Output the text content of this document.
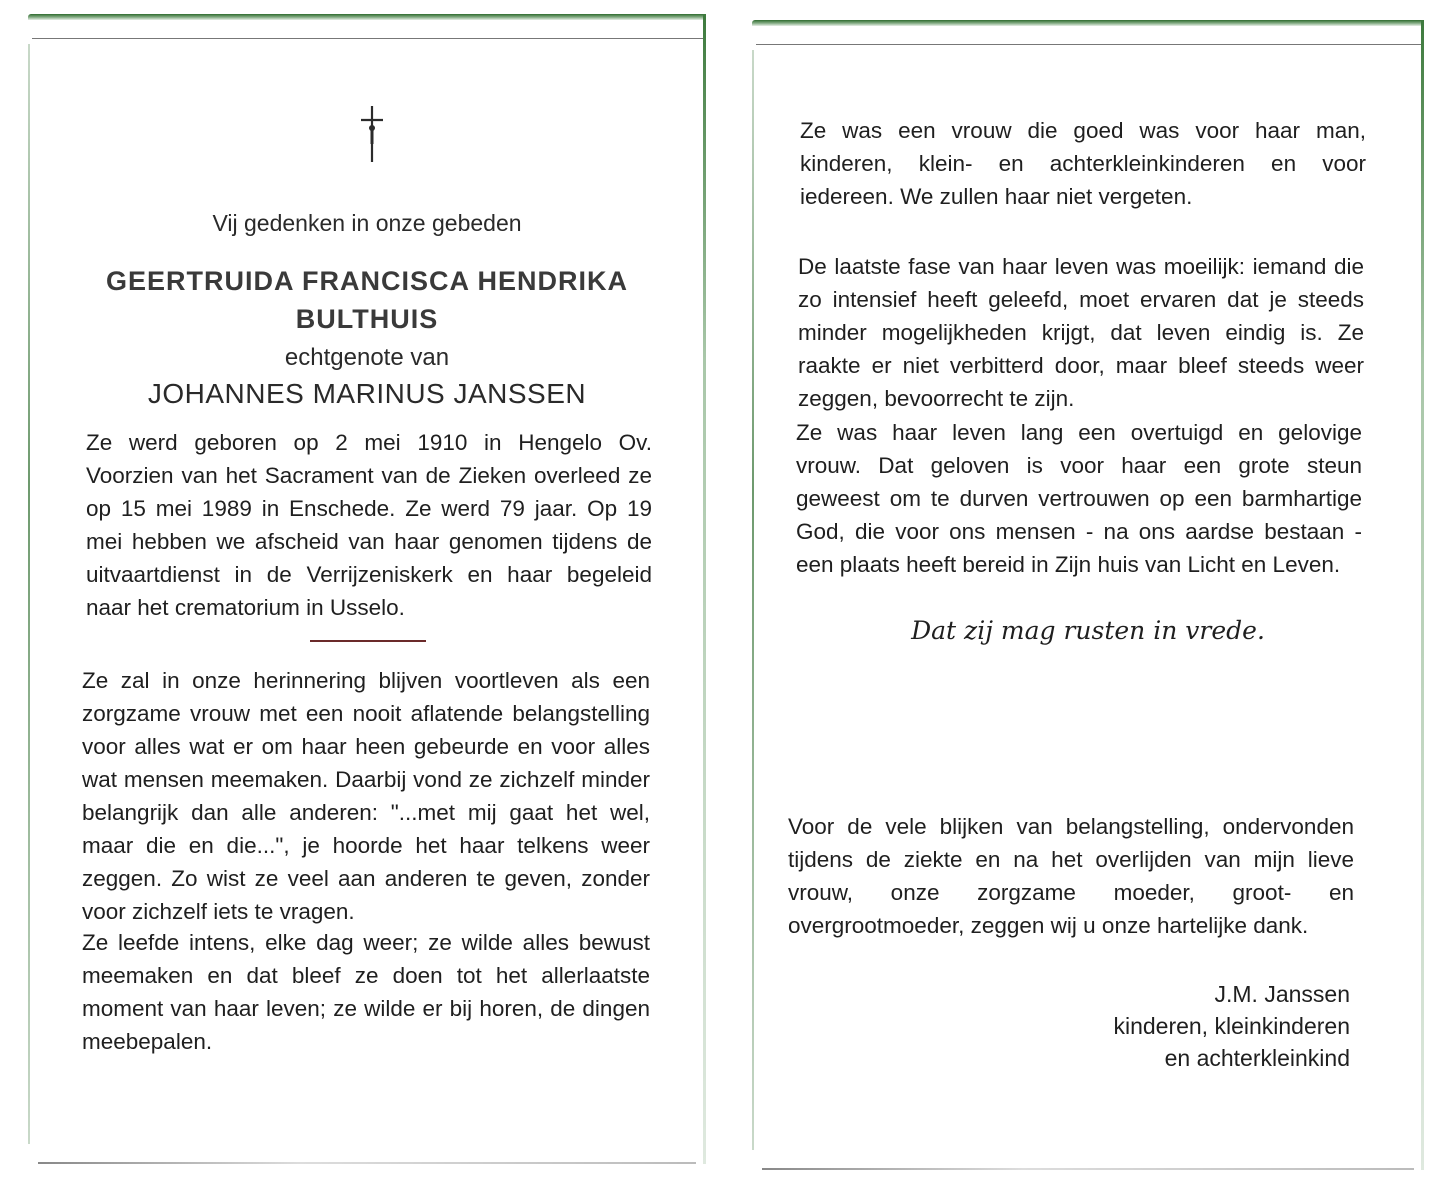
Vij gedenken in onze gebeden
GEERTRUIDA FRANCISCA HENDRIKA
BULTHUIS
echtgenote van
JOHANNES MARINUS JANSSEN

Ze werd geboren op 2 mei 1910 in Hengelo Ov. Voorzien van het Sacrament van de Zieken overleed ze op 15 mei 1989 in Enschede. Ze werd 79 jaar. Op 19 mei hebben we afscheid van haar genomen tijdens de uitvaartdienst in de Verrijzeniskerk en haar begeleid naar het crematorium in Usselo.

Ze zal in onze herinnering blijven voortleven als een zorgzame vrouw met een nooit aflatende belangstelling voor alles wat er om haar heen gebeurde en voor alles wat mensen meemaken. Daarbij vond ze zichzelf minder belangrijk dan alle anderen: "...met mij gaat het wel, maar die en die...", je hoorde het haar telkens weer zeggen. Zo wist ze veel aan anderen te geven, zonder voor zichzelf iets te vragen.

Ze leefde intens, elke dag weer; ze wilde alles bewust meemaken en dat bleef ze doen tot het allerlaatste moment van haar leven; ze wilde er bij horen, de dingen meebepalen.

Ze was een vrouw die goed was voor haar man, kinderen, klein- en achterkleinkinderen en voor iedereen. We zullen haar niet vergeten.

De laatste fase van haar leven was moeilijk: iemand die zo intensief heeft geleefd, moet ervaren dat je steeds minder mogelijkheden krijgt, dat leven eindig is. Ze raakte er niet verbitterd door, maar bleef steeds weer zeggen, bevoorrecht te zijn.

Ze was haar leven lang een overtuigd en gelovige vrouw. Dat geloven is voor haar een grote steun geweest om te durven vertrouwen op een barmhartige God, die voor ons mensen - na ons aardse bestaan - een plaats heeft bereid in Zijn huis van Licht en Leven.

Dat zij mag rusten in vrede.

Voor de vele blijken van belangstelling, ondervonden tijdens de ziekte en na het overlijden van mijn lieve vrouw, onze zorgzame moeder, groot- en overgrootmoeder, zeggen wij u onze hartelijke dank.

J.M. Janssen
kinderen, kleinkinderen
en achterkleinkind
